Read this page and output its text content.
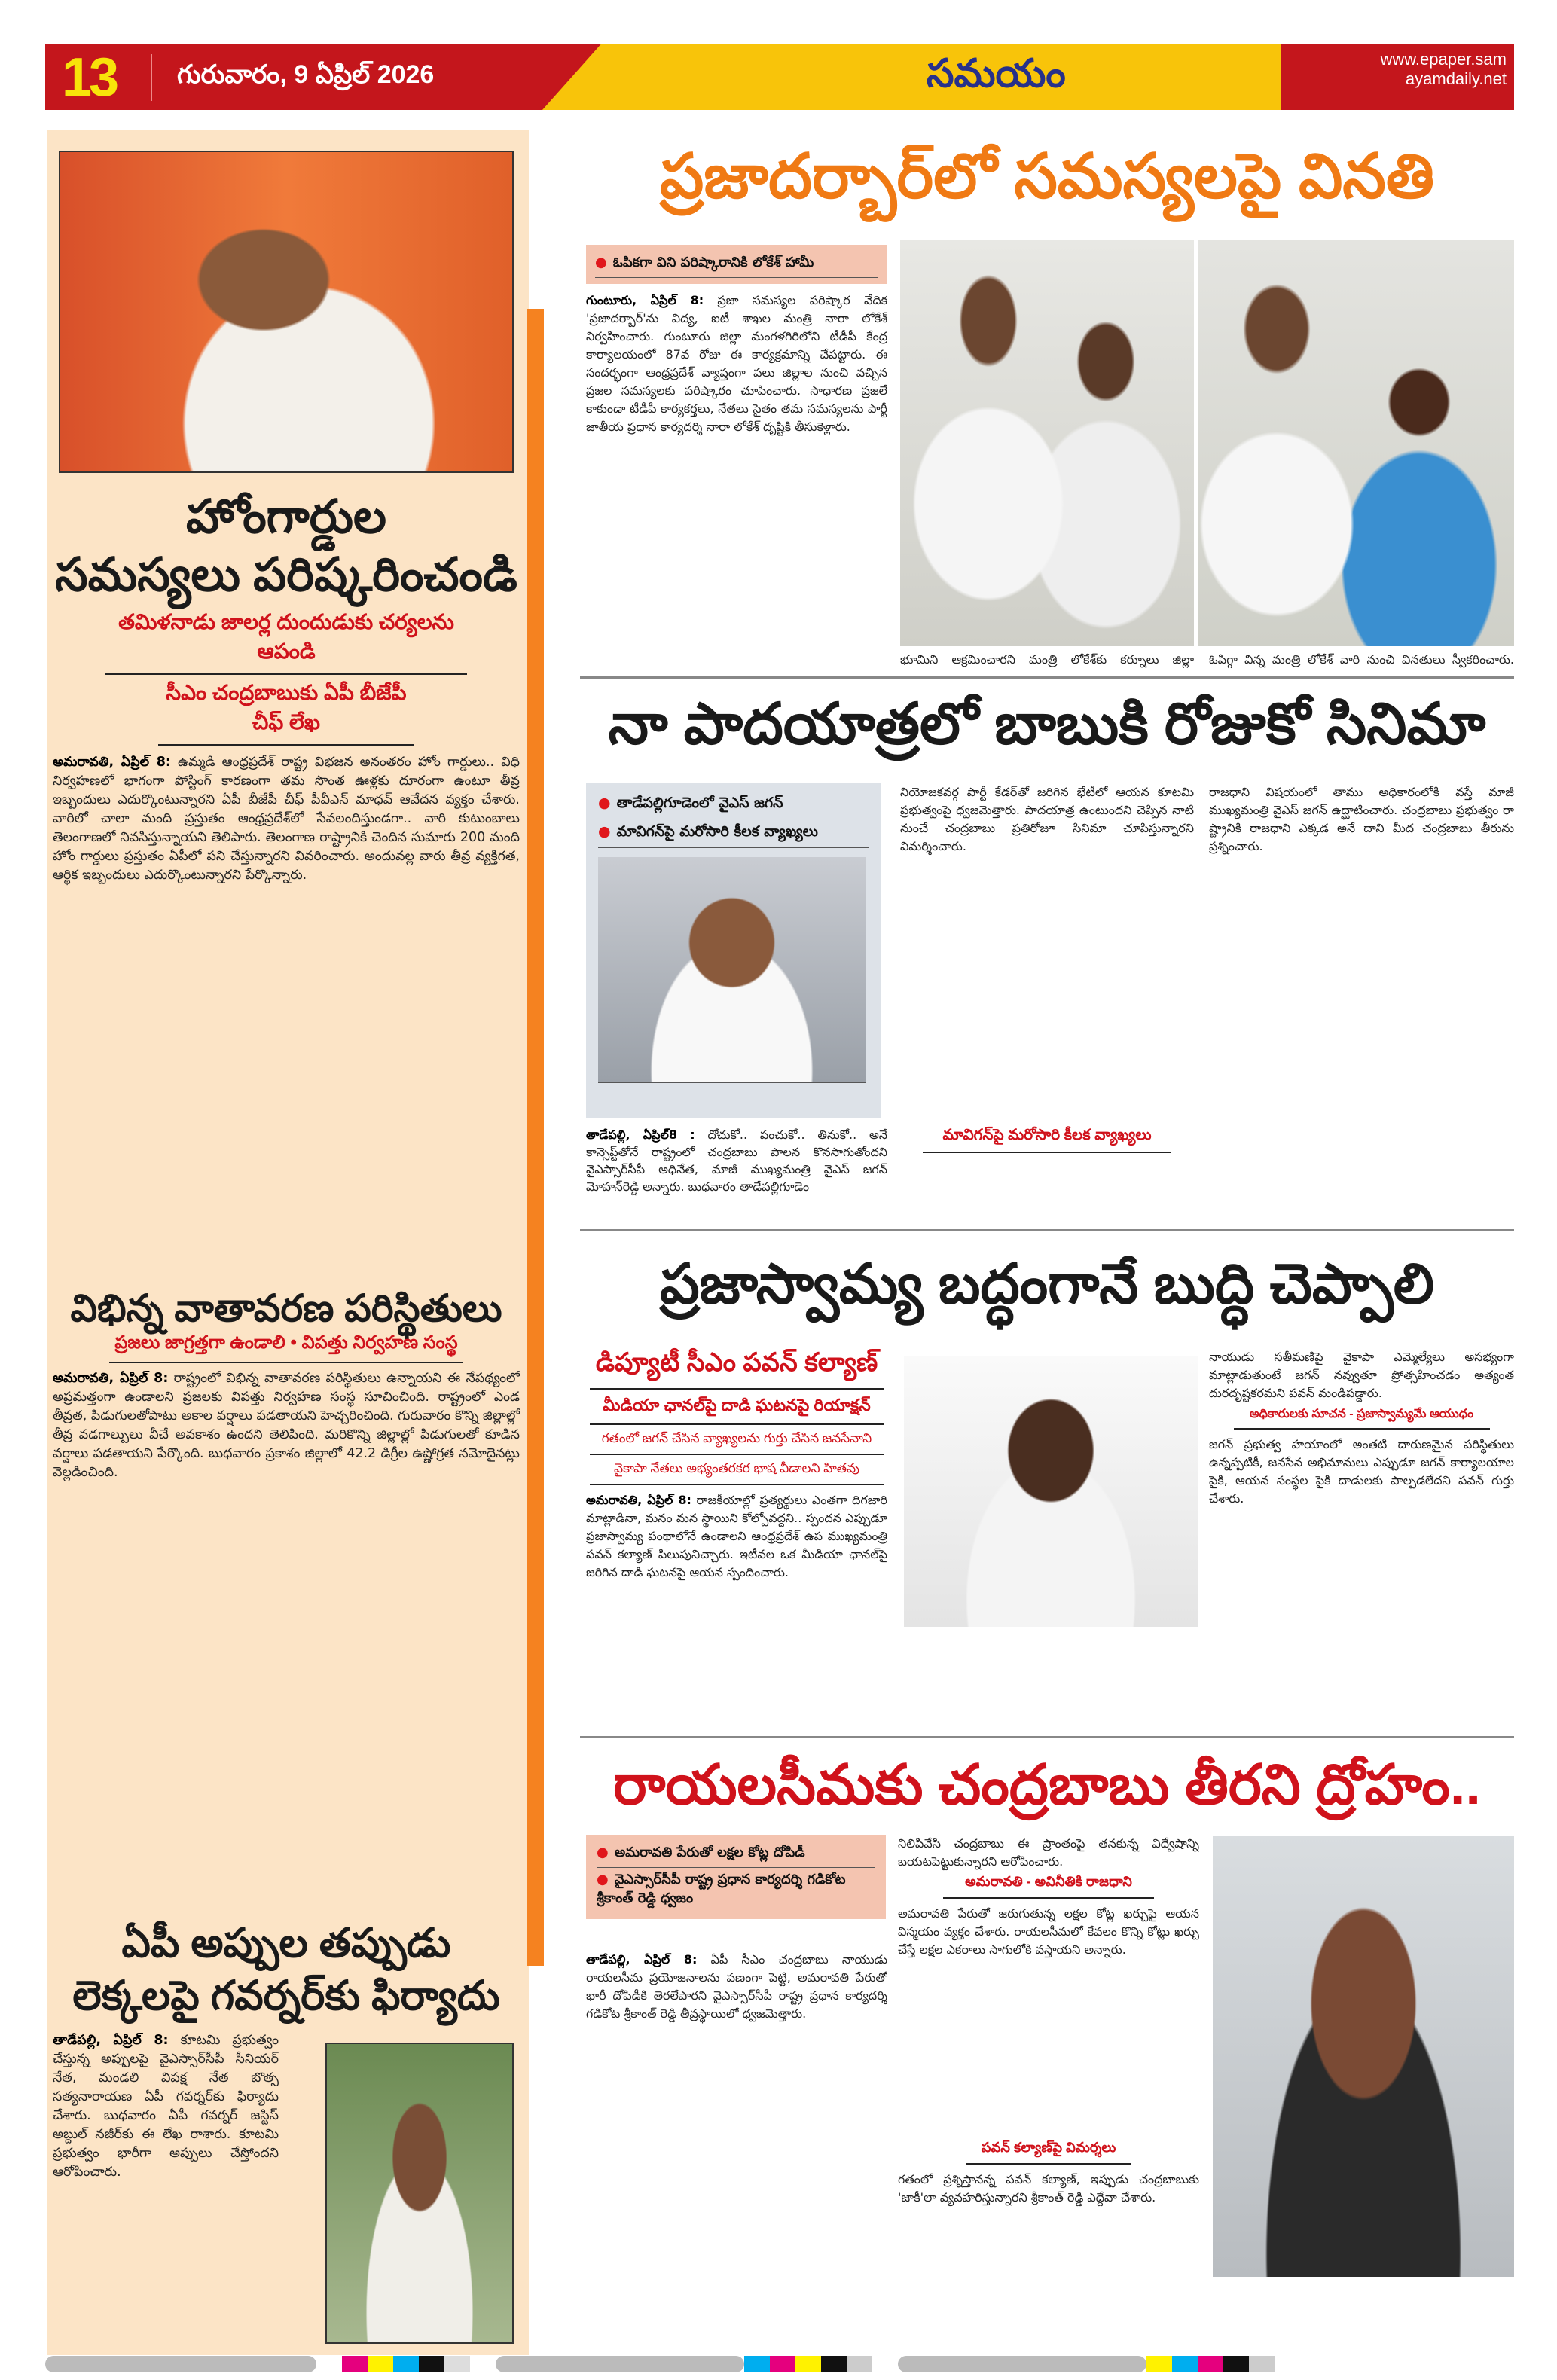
13 గురువారం, 9 ఏప్రిల్ 2026	సమయం	www.epaper.sam
ayamdaily.net
హోంగార్డుల
సమస్యలు పరిష్కరించండి
తమిళనాడు జాలర్ల దుందుడుకు చర్యలను ఆపండి
సీఎం చంద్రబాబుకు ఏపీ బీజేపీ చీఫ్ లేఖ
అమరావతి, ఏప్రిల్ 8: ఉమ్మడి ఆంధ్రప్రదేశ్ రాష్ట్ర విభజన అనంతరం హోం గార్డులు.. విధి నిర్వహణలో భాగంగా పోస్టింగ్ కారణంగా తమ సొంత ఊళ్లకు దూరంగా ఉంటూ తీవ్ర ఇబ్బందులు ఎదుర్కొంటున్నారని ఏపీ బీజేపీ చీఫ్ పీవీఎన్ మాధవ్ ఆవేదన వ్యక్తం చేశారు. వారిలో చాలా మంది ప్రస్తుతం ఆంధ్రప్రదేశ్‌లో సేవలందిస్తుండగా.. వారి కుటుంబాలు తెలంగాణలో నివసిస్తున్నాయని తెలిపారు. తెలంగాణ రాష్ట్రానికి చెందిన సుమారు 200 మంది హోం గార్డులు ప్రస్తుతం ఏపీలో పని చేస్తున్నారని వివరించారు. అందువల్ల వారు తీవ్ర వ్యక్తిగత, ఆర్థిక ఇబ్బందులు ఎదుర్కొంటున్నారని పేర్కొన్నారు.
విభిన్న వాతావరణ పరిస్థితులు
ప్రజలు జాగ్రత్తగా ఉండాలి • విపత్తు నిర్వహణ సంస్థ
అమరావతి, ఏప్రిల్ 8: రాష్ట్రంలో విభిన్న వాతావరణ పరిస్థితులు ఉన్నాయని ఈ నేపథ్యంలో అప్రమత్తంగా ఉండాలని ప్రజలకు విపత్తు నిర్వహణ సంస్థ సూచించింది. రాష్ట్రంలో ఎండ తీవ్రత, పిడుగులతోపాటు అకాల వర్షాలు పడతాయని హెచ్చరించింది. గురువారం కొన్ని జిల్లాల్లో తీవ్ర వడగాల్పులు వీచే అవకాశం ఉందని తెలిపింది. మరికొన్ని జిల్లాల్లో పిడుగులతో కూడిన వర్షాలు పడతాయని పేర్కొంది. బుధవారం ప్రకాశం జిల్లాలో 42.2 డిగ్రీల ఉష్ణోగ్రత నమోదైనట్లు వెల్లడించింది.
ఏపీ అప్పుల తప్పుడు
లెక్కలపై గవర్నర్‌కు ఫిర్యాదు
తాడేపల్లి, ఏప్రిల్ 8: కూటమి ప్రభుత్వం చేస్తున్న అప్పులపై వైఎస్సార్‌సీపీ సీనియర్ నేత, మండలి విపక్ష నేత బొత్స సత్యనారాయణ ఏపీ గవర్నర్‌కు ఫిర్యాదు చేశారు. బుధవారం ఏపీ గవర్నర్ జస్టిస్ అబ్దుల్ నజీర్‌కు ఈ లేఖ రాశారు. కూటమి ప్రభుత్వం భారీగా అప్పులు చేస్తోందని ఆరోపించారు.
ప్రజాదర్బార్‌లో సమస్యలపై వినతి
● ఓపికగా విని పరిష్కారానికి లోకేశ్ హామీ
గుంటూరు, ఏప్రిల్ 8: ప్రజా సమస్యల పరిష్కార వేదిక 'ప్రజాదర్బార్'ను విద్య, ఐటీ శాఖల మంత్రి నారా లోకేశ్ నిర్వహించారు. గుంటూరు జిల్లా మంగళగిరిలోని టీడీపీ కేంద్ర కార్యాలయంలో 87వ రోజు ఈ కార్యక్రమాన్ని చేపట్టారు. ఈ సందర్భంగా ఆంధ్రప్రదేశ్ వ్యాప్తంగా పలు జిల్లాల నుంచి వచ్చిన ప్రజల సమస్యలకు పరిష్కారం చూపించారు. సాధారణ ప్రజలే కాకుండా టీడీపీ కార్యకర్తలు, నేతలు సైతం తమ సమస్యలను పార్టీ జాతీయ ప్రధాన కార్యదర్శి నారా లోకేశ్ దృష్టికి తీసుకెళ్లారు.
భూమిని ఆక్రమించారని మంత్రి లోకేశ్‌కు కర్నూలు జిల్లా ఓపిగ్గా విన్న మంత్రి లోకేశ్ వారి నుంచి వినతులు స్వీకరించారు.
నా పాదయాత్రలో బాబుకి రోజుకో సినిమా
● తాడేపల్లిగూడెంలో వైఎస్ జగన్
● మావిగన్‌పై మరోసారి కీలక వ్యాఖ్యలు
తాడేపల్లి, ఏప్రిల్8 : దోచుకో.. పంచుకో.. తినుకో.. అనే కాన్సెప్ట్‌తోనే రాష్ట్రంలో చంద్రబాబు పాలన కొనసాగుతోందని వైఎస్సార్‌సీపీ అధినేత, మాజీ ముఖ్యమంత్రి వైఎస్ జగన్ మోహన్‌రెడ్డి అన్నారు. బుధవారం తాడేపల్లిగూడెం
నియోజకవర్గ పార్టీ కేడర్‌తో జరిగిన భేటీలో ఆయన కూటమి ప్రభుత్వంపై ధ్వజమెత్తారు. పాదయాత్ర ఉంటుందని చెప్పిన నాటి నుంచే చంద్రబాబు ప్రతిరోజూ సినిమా చూపిస్తున్నారని విమర్శించారు.
మావిగన్‌పై మరోసారి కీలక వ్యాఖ్యలు
రాజధాని విషయంలో తాము అధికారంలోకి వస్తే మాజీ ముఖ్యమంత్రి వైఎస్ జగన్ ఉద్ఘాటించారు. చంద్రబాబు ప్రభుత్వం రా ష్ట్రానికి రాజధాని ఎక్కడ అనే దాని మీద చంద్రబాబు తీరును ప్రశ్నించారు.
ప్రజాస్వామ్య బద్ధంగానే బుద్ధి చెప్పాలి
డిప్యూటీ సీఎం పవన్ కల్యాణ్
మీడియా ఛానల్‌పై దాడి ఘటనపై రియాక్షన్
గతంలో జగన్ చేసిన వ్యాఖ్యలను గుర్తు చేసిన జనసేనాని
వైకాపా నేతలు అభ్యంతరకర భాష వీడాలని హితవు
అమరావతి, ఏప్రిల్ 8: రాజకీయాల్లో ప్రత్యర్థులు ఎంతగా దిగజారి మాట్లాడినా, మనం మన స్థాయిని కోల్పోవద్దని.. స్పందన ఎప్పుడూ ప్రజాస్వామ్య పంథాలోనే ఉండాలని ఆంధ్రప్రదేశ్ ఉప ముఖ్యమంత్రి పవన్ కల్యాణ్ పిలుపునిచ్చారు. ఇటీవల ఒక మీడియా ఛానల్‌పై జరిగిన దాడి ఘటనపై ఆయన స్పందించారు.
నాయుడు సతీమణిపై వైకాపా ఎమ్మెల్యేలు అసభ్యంగా మాట్లాడుతుంటే జగన్ నవ్వుతూ ప్రోత్సహించడం అత్యంత దురదృష్టకరమని పవన్ మండిపడ్డారు.
అధికారులకు సూచన - ప్రజాస్వామ్యమే ఆయుధం
జగన్ ప్రభుత్వ హయాంలో అంతటి దారుణమైన పరిస్థితులు ఉన్నప్పటికీ, జనసేన అభిమానులు ఎప్పుడూ జగన్ కార్యాలయాల పైకి, ఆయన సంస్థల పైకి దాడులకు పాల్పడలేదని పవన్ గుర్తు చేశారు.
రాయలసీమకు చంద్రబాబు తీరని ద్రోహం..
● అమరావతి పేరుతో లక్షల కోట్ల దోపిడీ
● వైఎస్సార్‌సీపీ రాష్ట్ర ప్రధాన కార్యదర్శి గడికోట శ్రీకాంత్ రెడ్డి ధ్వజం
తాడేపల్లి, ఏప్రిల్ 8: ఏపీ సీఎం చంద్రబాబు నాయుడు రాయలసీమ ప్రయోజనాలను పణంగా పెట్టి, అమరావతి పేరుతో భారీ దోపిడీకి తెరలేపారని వైఎస్సార్‌సీపీ రాష్ట్ర ప్రధాన కార్యదర్శి గడికోట శ్రీకాంత్ రెడ్డి తీవ్రస్థాయిలో ధ్వజమెత్తారు.
నిలిపివేసి చంద్రబాబు ఈ ప్రాంతంపై తనకున్న విద్వేషాన్ని బయటపెట్టుకున్నారని ఆరోపించారు.
అమరావతి - అవినీతికి రాజధాని
అమరావతి పేరుతో జరుగుతున్న లక్షల కోట్ల ఖర్చుపై ఆయన విస్మయం వ్యక్తం చేశారు. రాయలసీమలో కేవలం కొన్ని కోట్లు ఖర్చు చేస్తే లక్షల ఎకరాలు సాగులోకి వస్తాయని అన్నారు.
పవన్ కల్యాణ్‌పై విమర్శలు
గతంలో ప్రశ్నిస్తానన్న పవన్ కల్యాణ్, ఇప్పుడు చంద్రబాబుకు 'జాకీ'లా వ్యవహరిస్తున్నారని శ్రీకాంత్ రెడ్డి ఎద్దేవా చేశారు.
